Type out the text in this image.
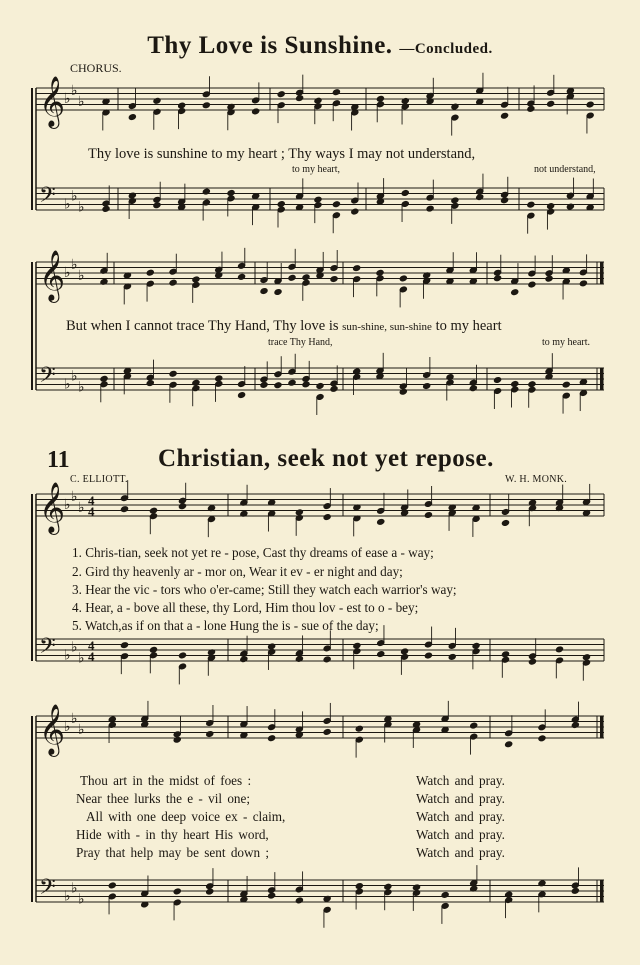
𝄞
♭
♭
♭
𝄢 ♭
♭
♭
𝄞
♭
♭
♭
𝄢 ♭
♭
♭
𝄞
♭
♭
♭
𝄢 ♭
♭
♭
4
4
4
4
𝄞
♭
♭
♭
𝄢 ♭
♭
♭
Thy Love is Sunshine. —Concluded.
CHORUS.
Thy love is sunshine to my heart ; Thy ways I may not understand,
to my heart,	not understand,
But when I cannot trace Thy Hand, Thy love is sun-shine, sun-shine to my heart
trace Thy Hand,	to my heart.
11	Christian, seek not yet repose.
C. ELLIOTT.	W. H. MONK.
1. Chris-tian, seek not yet re - pose, Cast thy dreams of ease a - way;
2. Gird thy heavenly ar - mor on, Wear it ev - er night and day;
3. Hear the vic - tors who o'er-came; Still they watch each warrior's way;
4. Hear, a - bove all these, thy Lord, Him thou lov - est to o - bey;
5. Watch,as if on that a - lone Hung the is - sue of the day;
Thou art in the midst of foes :
Near thee lurks the e - vil one;
All with one deep voice ex - claim,
Hide with - in thy heart His word,
Pray that help may be sent down ;
Watch and pray.
Watch and pray.
Watch and pray.
Watch and pray.
Watch and pray.
